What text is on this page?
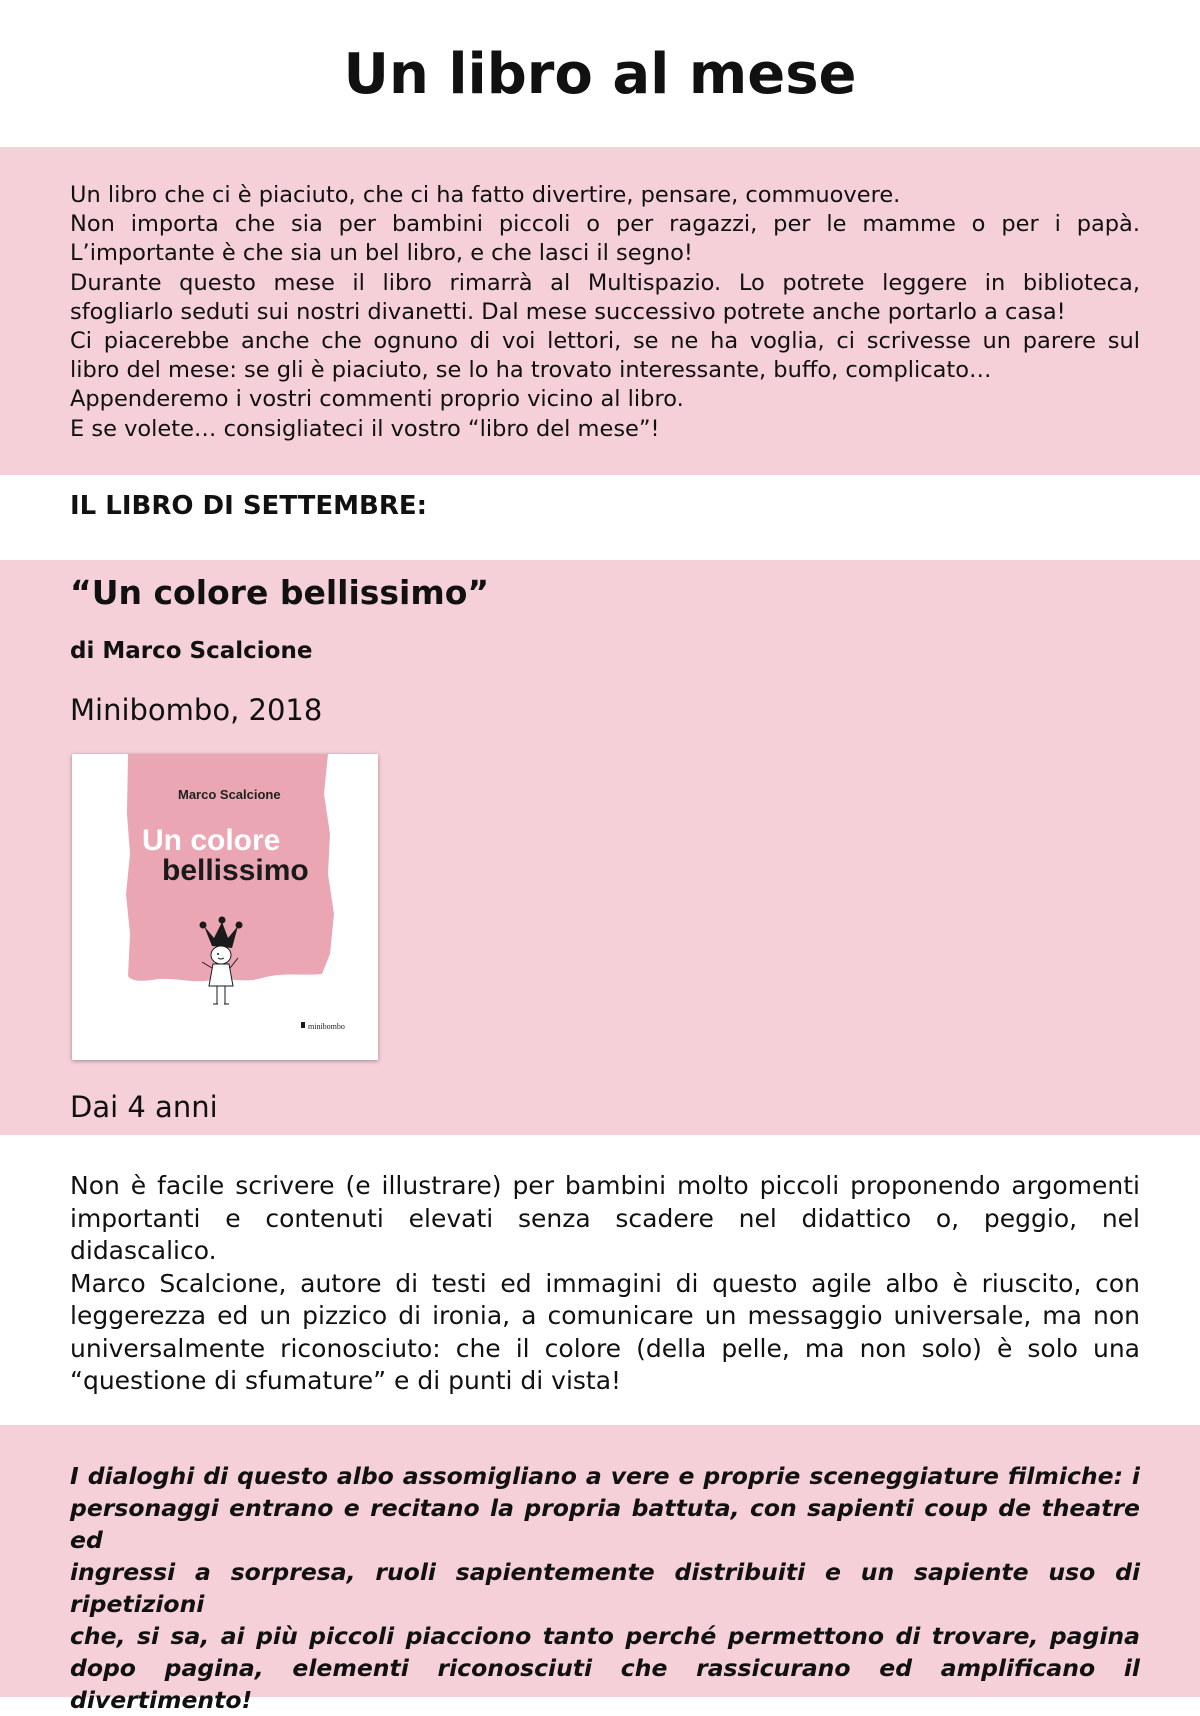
Un libro al mese
Un libro che ci è piaciuto, che ci ha fatto divertire, pensare, commuovere.
Non importa che sia per bambini piccoli o per ragazzi, per le mamme o per i papà.
L’importante è che sia un bel libro, e che lasci il segno!
Durante questo mese il libro rimarrà al Multispazio. Lo potrete leggere in biblioteca,
sfogliarlo seduti sui nostri divanetti. Dal mese successivo potrete anche portarlo a casa!
Ci piacerebbe anche che ognuno di voi lettori, se ne ha voglia, ci scrivesse un parere sul
libro del mese: se gli è piaciuto, se lo ha trovato interessante, buffo, complicato…
Appenderemo i vostri commenti proprio vicino al libro.
E se volete… consigliateci il vostro “libro del mese”!
IL LIBRO DI SETTEMBRE:
“Un colore bellissimo”
di Marco Scalcione
Minibombo, 2018
Marco Scalcione
Un colore
bellissimo
minibombo
Dai 4 anni
Non è facile scrivere (e illustrare) per bambini molto piccoli proponendo argomenti
importanti e contenuti elevati senza scadere nel didattico o, peggio, nel
didascalico.
Marco Scalcione, autore di testi ed immagini di questo agile albo è riuscito, con
leggerezza ed un pizzico di ironia, a comunicare un messaggio universale, ma non
universalmente riconosciuto: che il colore (della pelle, ma non solo) è solo una
“questione di sfumature” e di punti di vista!
I dialoghi di questo albo assomigliano a vere e proprie sceneggiature filmiche: i
personaggi entrano e recitano la propria battuta, con sapienti coup de theatre ed
ingressi a sorpresa, ruoli sapientemente distribuiti e un sapiente uso di ripetizioni
che, si sa, ai più piccoli piacciono tanto perché permettono di trovare, pagina
dopo pagina, elementi riconosciuti che rassicurano ed amplificano il divertimento!
